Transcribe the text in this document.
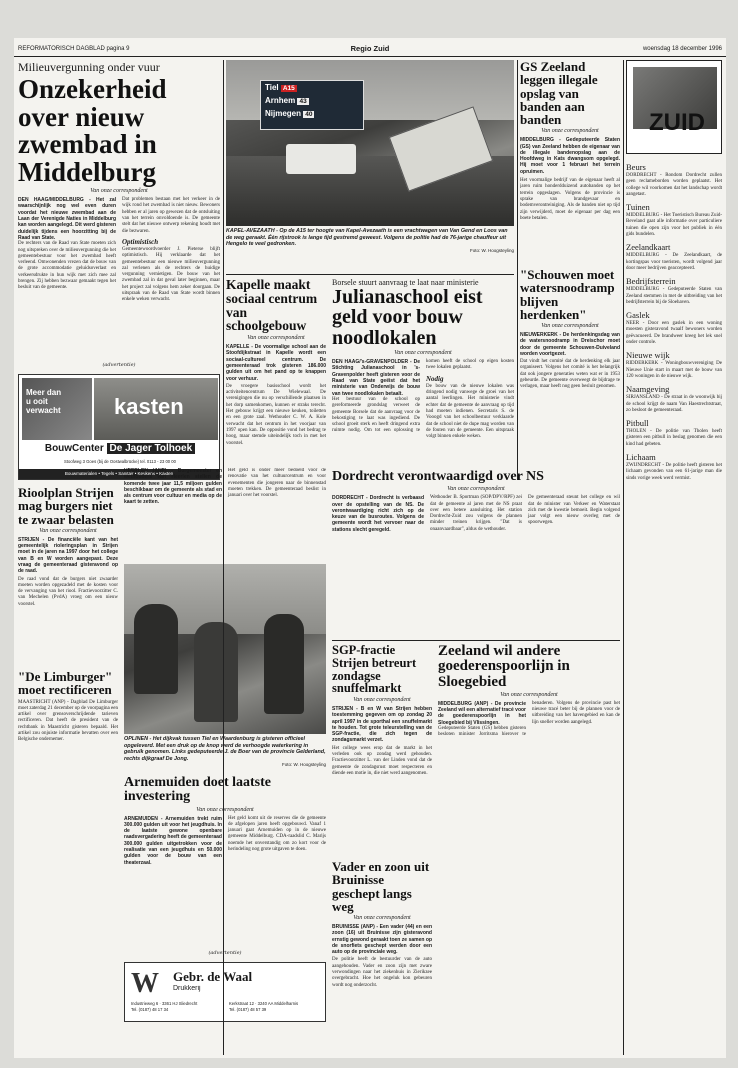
REFORMATORISCH DAGBLAD pagina 9	Regio Zuid	woensdag 18 december 1996
Milieuvergunning onder vuur
Onzekerheid over nieuw zwembad in Middelburg
Van onze correspondent
DEN HAAG/MIDDELBURG - Het zal waarschijnlijk nog wel even duren voordat het nieuwe zwembad aan de Laan der Verenigde Naties in Middelburg kan worden aangelegd. Dit werd gisteren duidelijk tijdens een hoorzitting bij de Raad van State.
De rechters van de Raad van State moeten zich nog uitspreken over de milieuvergunning die het gemeentebestuur voor het zwembad heeft verleend. Omwonenden vrezen dat de bouw van de grote accommodatie geluidsoverlast en verkeersdrukte in hun wijk met zich mee zal brengen. Zij hebben bezwaar gemaakt tegen het besluit van de gemeente.
Dat problemen bestaan met het verkeer in de wijk rond het zwembad is niet nieuw. Bewoners hebben er al jaren op gewezen dat de ontsluiting van het terrein onvoldoende is. De gemeente stelt dat het nieuwe ontwerp rekening houdt met die bezwaren.
Optimistisch
Gemeentewoordvoerder J. Pieterse blijft optimistisch. Hij verklaarde dat het gemeentebestuur een nieuwe milieuvergunning zal verlenen als de rechters de huidige vergunning vernietigen. De bouw van het zwembad zal in dat geval later beginnen, maar het project zal volgens hem zeker doorgaan. De uitspraak van de Raad van State wordt binnen enkele weken verwacht.
Tiel A15
Arnhem 43
Nijmegen 40
KAPEL-AVEZAATH - Op de A15 ter hoogte van Kapel-Avezaath is een vrachtwagen van Van Gend en Loos van de weg geraakt. Één rijstrook is lange tijd gestremd geweest. Volgens de politie had de 76-jarige chauffeur uit Hengelo te veel gedronken.
Foto: W. Hoogsteyling
GS Zeeland leggen illegale opslag van banden aan banden
Van onze correspondent
MIDDELBURG - Gedeputeerde Staten (GS) van Zeeland hebben de eigenaar van de illegale bandenopslag aan de Hoofdweg in Kats dwangsom opgelegd. Hij moet voor 1 februari het terrein opruimen.
Het voormalige bedrijf van de eigenaar heeft al jaren ruim honderdduizend autobanden op het terrein opgeslagen. Volgens de provincie is sprake van brandgevaar en bodemverontreiniging. Als de banden niet op tijd zijn verwijderd, moet de eigenaar per dag een boete betalen.
ZUID
Beurs
DORDRECHT - Rondom Dordrecht zullen geen reclameborden worden geplaatst. Het college wil voorkomen dat het landschap wordt aangetast.
Tuinen
MIDDELBURG - Het Toeristisch Bureau Zuid-Beveland gaat alle informatie over particuliere tuinen die open zijn voor het publiek in één gids bundelen.
Zeelandkaart
MIDDELBURG - De Zeelandkaart, de kortingspas voor toeristen, wordt volgend jaar door meer bedrijven geaccepteerd.
Bedrijfsterrein
MIDDELBURG - Gedeputeerde Staten van Zeeland stemmen in met de uitbreiding van het bedrijfsterrein bij de Sloehaven.
Gaslek
NEER - Door een gaslek in een woning moesten gisteravond twaalf bewoners worden geëvacueerd. De brandweer kreeg het lek snel onder controle.
Nieuwe wijk
RIDDERKERK - Woningbouwvereniging De Nieuwe Unie start in maart met de bouw van 120 woningen in de nieuwe wijk.
Naamgeving
SIRJANSLAND - De straat in de woonwijk bij de school krijgt de naam Van Haestrechtstraat, zo besloot de gemeenteraad.
Pitbull
THOLEN - De politie van Tholen heeft gisteren een pitbull in beslag genomen die een kind had gebeten.
Lichaam
ZWIJNDRECHT - De politie heeft gisteren het lichaam gevonden van een 61-jarige man die sinds vorige week werd vermist.
Kapelle maakt sociaal centrum van schoolgebouw
Van onze correspondent
KAPELLE - De voormalige school aan de Stoofdijkstraat in Kapelle wordt een sociaal-cultureel centrum. De gemeenteraad trok gisteren 186.000 gulden uit om het pand op te knappen voor verhuur.
De vroegere basisschool wordt het activiteitencentrum De Wielewaal. De verenigingen die nu op verschillende plaatsen in het dorp samenkomen, kunnen er straks terecht. Het gebouw krijgt een nieuwe keuken, toiletten en een grote zaal. Wethouder C. W. A. Kole verwacht dat het centrum in het voorjaar van 1997 open kan. De oppositie vond het bedrag te hoog, maar stemde uiteindelijk toch in met het voorstel.
Borsele stuurt aanvraag te laat naar ministerie
Julianaschool eist geld voor bouw noodlokalen
Van onze correspondent
DEN HAAG/'s-GRAVENPOLDER - De Stichting Julianaschool in 's-Gravenpolder heeft gisteren voor de Raad van State geëist dat het ministerie van Onderwijs de bouw van twee noodlokalen betaalt.
Het bestuur van de school op gereformeerde grondslag verweet de gemeente Borsele dat de aanvraag voor de bekostiging te laat was ingediend. De school groeit sterk en heeft dringend extra ruimte nodig. Om tot een oplossing te komen heeft de school op eigen kosten twee lokalen geplaatst.
Nodig
De bouw van de nieuwe lokalen was dringend nodig vanwege de groei van het aantal leerlingen. Het ministerie vindt echter dat de gemeente de aanvraag op tijd had moeten indienen. Secretaris S. de Vooogd van het schoolbestuur verklaarde dat de school niet de dupe mag worden van de fouten van de gemeente. Een uitspraak volgt binnen enkele weken.
"Schouwen moet watersnoodramp blijven herdenken"
Van onze correspondent
NIEUWERKERK - De herdenkingsdag van de watersnoodramp in Dreischor moet door de gemeente Schouwen-Duiveland worden voortgezet.
Dat vindt het comité dat de herdenking elk jaar organiseert. Volgens het comité is het belangrijk dat ook jongere generaties weten wat er in 1953 gebeurde. De gemeente overweegt de bijdrage te verlagen, maar heeft nog geen besluit genomen.
(advertentie)
Meer dan
u ooit
verwacht kasten
BouwCenter De Jager Tolhoek
Stoofweg 3 Goes (bij de Oostwalbrücke) tel. 0113 - 23 00 00
Bouwmaterialen • Tegels • Sanitair • Keukens • Kasten
Rioolplan Strijen mag burgers niet te zwaar belasten
Van onze correspondent
STRIJEN - De financiële kant van het gemeentelijk rioleringsplan in Strijen moet in de jaren na 1997 door het college van B en W worden aangepast. Deze vraag de gemeenteraad gisteravond op de raad.
De raad vond dat de burgers niet zwaarder moeten worden opgezadeld met de kosten voor de vervanging van het riool. Fractievoorzitter C. van Mechelen (PvdA) vroeg om een nieuw voorstel.
HEERLEN (ANP) - Burgemeester en wethouders van Heerlen stellen de komende twee jaar 11,5 miljoen gulden beschikbaar om de gemeente als stad en als centrum voor cultuur en media op de kaart te zetten.
Het geld is onder meer bedoeld voor de renovatie van het cultuurcentrum en voor evenementen die jongeren naar de binnenstad moeten trekken. De gemeenteraad beslist in januari over het voorstel.
Dordrecht verontwaardigd over NS
Van onze correspondent
DORDRECHT - Dordrecht is verbaasd over de opstelling van de NS. De verontwaardiging richt zich op de keuze van de busroutes. Volgens de gemeente wordt het vervoer naar de stations slecht geregeld.
Wethouder B. Sportman (SOP/DPV/RPF) zei dat de gemeente al jaren met de NS praat over een betere aansluiting. Het station Dordrecht-Zuid zou volgens de plannen minder treinen krijgen. "Dat is onaanvaardbaar", aldus de wethouder.
De gemeenteraad steunt het college en wil dat de minister van Verkeer en Waterstaat zich met de kwestie bemoeit. Begin volgend jaar volgt een nieuw overleg met de spoorwegen.
"De Limburger" moet rectificeren
MAASTRICHT (ANP) - Dagblad De Limburger moet zaterdag 21 december op de voorpagina een artikel over grensoverschrijdende tarieven rectificeren. Dat heeft de president van de rechtbank in Maastricht gisteren bepaald. Het artikel zou onjuiste informatie bevatten over een Belgische ondernemer.	OPLINEN - Het dijkvak tussen Tiel en Waardenburg is gisteren officieel opgeleverd. Met een druk op de knop werd de verhoogde waterkering in gebruik genomen. Links gedeputeerde J. de Boer van de provincie Gelderland, rechts dijkgraaf De Jong.
Foto: W. Hoogsteyling
SGP-fractie Strijen betreurt zondagse snuffelmarkt
Van onze correspondent
STRIJEN - B en W van Strijen hebben toestemming gegeven om op zondag 20 april 1997 in de sporthal een snuffelmarkt te houden. Tot grote teleurstelling van de SGP-fractie, die zich tegen de zondagsmarkt verzet.
Het college wees erop dat de markt in het verleden ook op zondag werd gehouden. Fractievoorzitter L. van der Linden vond dat de gemeente de zondagsrust moet respecteren en diende een motie in, die niet werd aangenomen.
Zeeland wil andere goederenspoorlijn in Sloegebied
Van onze correspondent
MIDDELBURG (ANP) - De provincie Zeeland wil een alternatief tracé voor de goederenspoorlijn in het Sloegebied bij Vlissingen.
Gedeputeerde Staten (GS) hebben gisteren besloten minister Jorritsma hierover te benaderen. Volgens de provincie past het nieuwe tracé beter bij de plannen voor de uitbreiding van het havengebied en kan de lijn sneller worden aangelegd.
Arnemuiden doet laatste investering
Van onze correspondent
ARNEMUIDEN - Arnemuiden trekt ruim 300.000 gulden uit voor het jeugdhuis. In de laatste gewone openbare raadsvergadering heeft de gemeenteraad 300.000 gulden uitgetrokken voor de realisatie van een jeugdhuis en 50.000 gulden voor de bouw van een theaterzaal.
Het geld komt uit de reserves die de gemeente de afgelopen jaren heeft opgebouwd. Vanaf 1 januari gaat Arnemuiden op in de nieuwe gemeente Middelburg. CDA-raadslid C. Marijs noemde het onverstandig om zo kort voor de herindeling nog grote uitgaven te doen.
Vader en zoon uit Bruinisse geschept langs weg
Van onze correspondent
BRUINISSE (ANP) - Een vader (44) en een zoon (16) uit Bruinisse zijn gisteravond ernstig gewond geraakt toen ze samen op de snorfiets geschept werden door een auto op de provinciale weg.
De politie heeft de bestuurder van de auto aangehouden. Vader en zoon zijn met zware verwondingen naar het ziekenhuis in Zierikzee overgebracht. Hoe het ongeluk kon gebeuren wordt nog onderzocht.
(advertentie)
W	Gebr. de Waal
Drukkerij
Industrieweg 6 · 3361 HJ Sliedrecht
Tel. (0187) 48 17 34
Kerkstraat 12 · 3240 AA Middelharnis
Tel. (0187) 48 57 39
